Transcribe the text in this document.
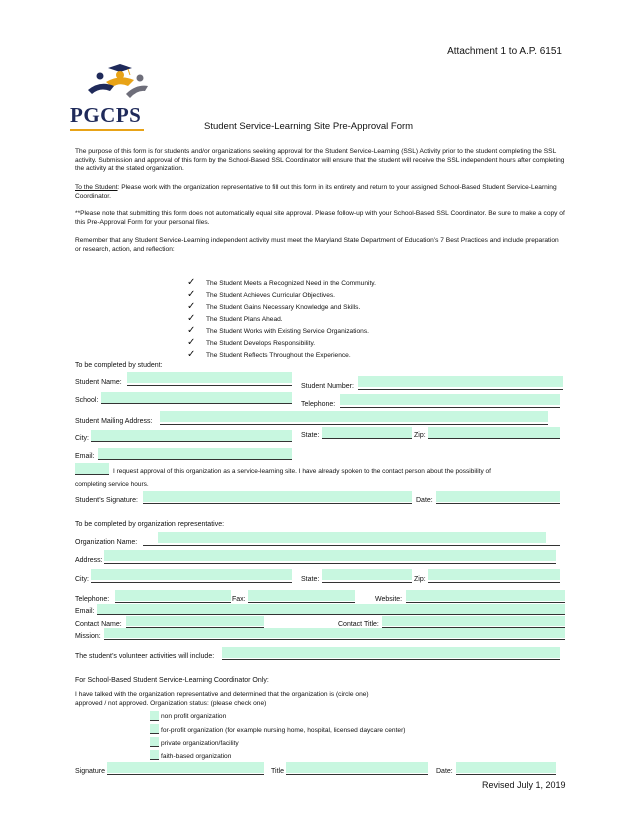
Attachment 1 to A.P. 6151
PGCPS	Student Service-Learning Site Pre-Approval Form
The purpose of this form is for students and/or organizations seeking approval for the Student Service-Learning (SSL) Activity prior to the student completing the SSL activity. Submission and approval of this form by the School-Based SSL Coordinator will ensure that the student will receive the SSL independent hours after completing the activity at the stated organization.
To the Student: Please work with the organization representative to fill out this form in its entirety and return to your assigned School-Based Student Service-Learning Coordinator.
**Please note that submitting this form does not automatically equal site approval. Please follow-up with your School-Based SSL Coordinator. Be sure to make a copy of this Pre-Approval Form for your personal files.
Remember that any Student Service-Learning independent activity must meet the Maryland State Department of Education’s 7 Best Practices and include preparation or research, action, and reflection:
✓ The Student Meets a Recognized Need in the Community.
✓ The Student Achieves Curricular Objectives.
✓ The Student Gains Necessary Knowledge and Skills.
✓ The Student Plans Ahead.
✓ The Student Works with Existing Service Organizations.
✓ The Student Develops Responsibility.
✓ The Student Reflects Throughout the Experience.
To be completed by student:
Student Name:
Student Number:
School:
Telephone:
Student Mailing Address:
City:	State:	Zip:
Email:
I request approval of this organization as a service-learning site. I have already spoken to the contact person about the possibility of
completing service hours.
Student’s Signature:	Date:
To be completed by organization representative:
Organization Name:
Address:
City:	State:	Zip:
Telephone:	Fax:	Website:
Email:
Contact Name:	Contact Title:
Mission:
The student’s volunteer activities will include:
For School-Based Student Service-Learning Coordinator Only:
I have talked with the organization representative and determined that the organization is (circle one)
approved / not approved. Organization status: (please check one)
non profit organization
for-profit organization (for example nursing home, hospital, licensed daycare center)
private organization/facility
faith-based organization
Signature	Title	Date:
Revised July 1, 2019
